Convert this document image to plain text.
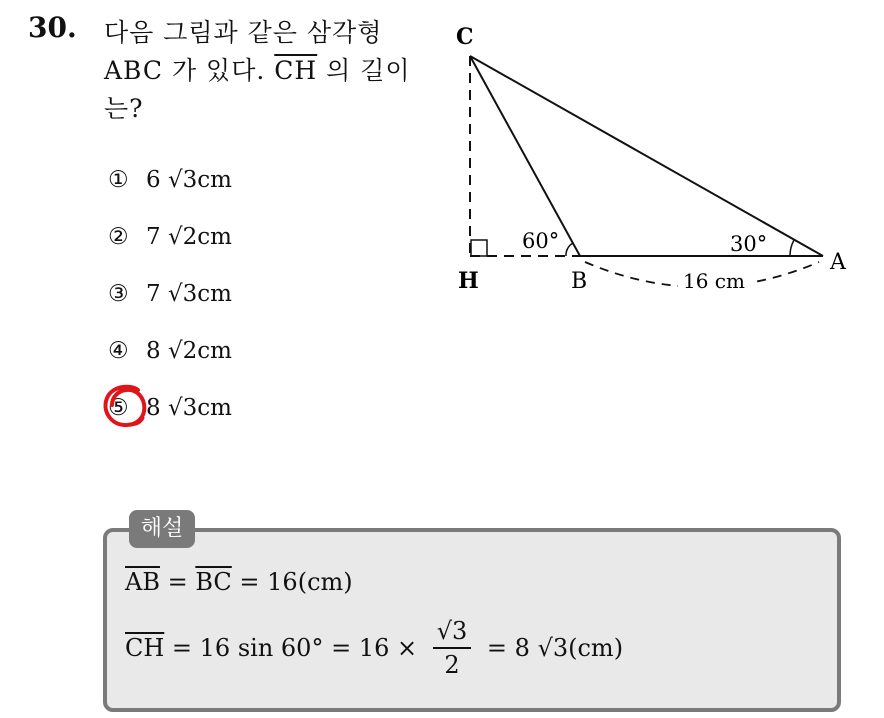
30. 다음 그림과 같은 삼각형
ABC 가 있다. $\overline{CH}$ 의 길이
는?
① 6 √3cm
② 7 √2cm
③ 7 √3cm
④ 8 √2cm
⑤ 8 √3cm
C
H	B
A
60°	30°
16 cm
해설
$\overline{AB} = \overline{BC} = 16(cm)$
$\overline{CH} = 16$ $\sin 60^\circ = 16 \times \frac{√3}{2} = 8$ √3(cm)
